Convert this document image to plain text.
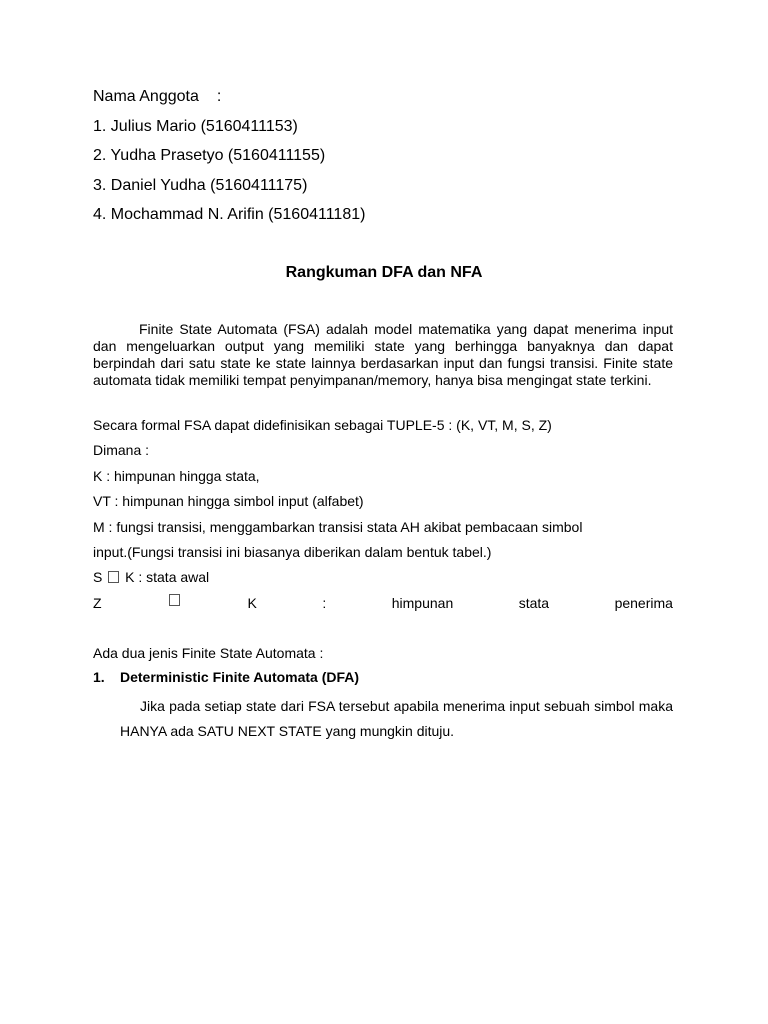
Nama Anggota :
1. Julius Mario (5160411153)
2. Yudha Prasetyo (5160411155)
3. Daniel Yudha (5160411175)
4. Mochammad N. Arifin (5160411181)
Rangkuman DFA dan NFA

Finite State Automata (FSA) adalah model matematika yang dapat menerima input dan mengeluarkan output yang memiliki state yang berhingga banyaknya dan dapat berpindah dari satu state ke state lainnya berdasarkan input dan fungsi transisi. Finite state automata tidak memiliki tempat penyimpanan/memory, hanya bisa mengingat state terkini.

Secara formal FSA dapat didefinisikan sebagai TUPLE-5 : (K, VT, M, S, Z)
Dimana :
K : himpunan hingga stata,
VT : himpunan hingga simbol input (alfabet)
M : fungsi transisi, menggambarkan transisi stata AH akibat pembacaan simbol
input.(Fungsi transisi ini biasanya diberikan dalam bentuk tabel.)
S K : stata awal
Z	K	:	himpunan	stata	penerima

Ada dua jenis Finite State Automata :

1. Deterministic Finite Automata (DFA)

Jika pada setiap state dari FSA tersebut apabila menerima input sebuah simbol maka HANYA ada SATU NEXT STATE yang mungkin dituju.
